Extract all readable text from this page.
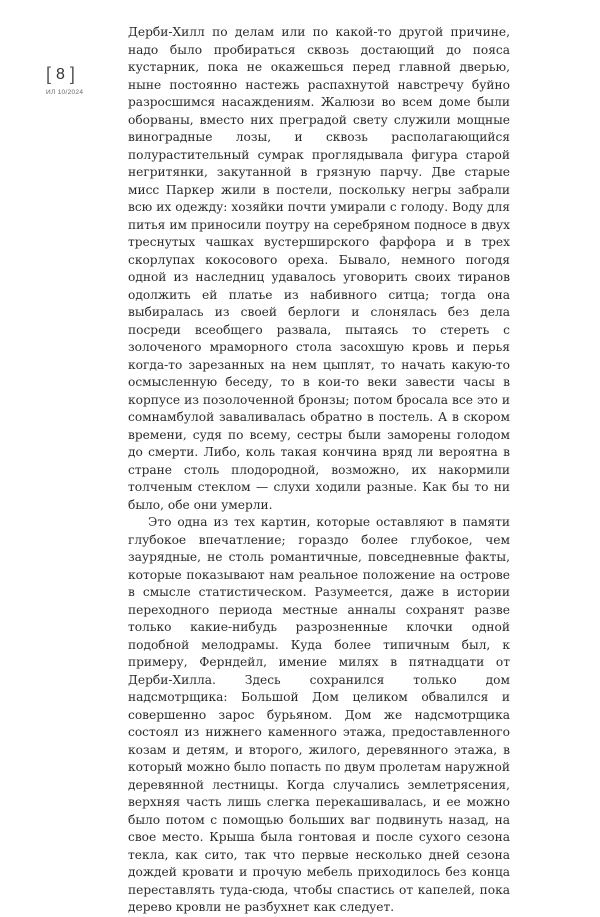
[ 8 ]
ИЛ 10/2024

Дерби-Хилл по делам или по какой-то другой причине, надо было пробираться сквозь достающий до пояса кустарник, пока не окажешься перед главной дверью, ныне постоянно настежь распахнутой навстречу буйно разросшимся насаждениям. Жалюзи во всем доме были оборваны, вместо них преградой свету служили мощные виноградные лозы, и сквозь располагающийся полурастительный сумрак проглядывала фигура старой негритянки, закутанной в грязную парчу. Две старые мисс Паркер жили в постели, поскольку негры забрали всю их одежду: хозяйки почти умирали с голоду. Воду для питья им приносили поутру на серебряном подносе в двух треснутых чашках вустерширского фарфора и в трех скорлупах кокосового ореха. Бывало, немного погодя одной из наследниц удавалось уговорить своих тиранов одолжить ей платье из набивного ситца; тогда она выбиралась из своей берлоги и слонялась без дела посреди всеобщего развала, пытаясь то стереть с золоченого мраморного стола засохшую кровь и перья когда-то зарезанных на нем цыплят, то начать какую-то осмысленную беседу, то в кои-то веки завести часы в корпусе из позолоченной бронзы; потом бросала все это и сомнамбулой заваливалась обратно в постель. А в скором времени, судя по всему, сестры были заморены голодом до смерти. Либо, коль такая кончина вряд ли вероятна в стране столь плодородной, возможно, их накормили толченым стеклом — слухи ходили разные. Как бы то ни было, обе они умерли.

Это одна из тех картин, которые оставляют в памяти глубокое впечатление; гораздо более глубокое, чем заурядные, не столь романтичные, повседневные факты, которые показывают нам реальное положение на острове в смысле статистическом. Разумеется, даже в истории переходного периода местные анналы сохранят разве только какие-нибудь разрозненные клочки одной подобной мелодрамы. Куда более типичным был, к примеру, Ферндейл, имение милях в пятнадцати от Дерби-Хилла. Здесь сохранился только дом надсмотрщика: Большой Дом целиком обвалился и совершенно зарос бурьяном. Дом же надсмотрщика состоял из нижнего каменного этажа, предоставленного козам и детям, и второго, жилого, деревянного этажа, в который можно было попасть по двум пролетам наружной деревянной лестницы. Когда случались землетрясения, верхняя часть лишь слегка перекашивалась, и ее можно было потом с помощью больших ваг подвинуть назад, на свое место. Крыша была гонтовая и после сухого сезона текла, как сито, так что первые несколько дней сезона дождей кровати и прочую мебель приходилось без конца переставлять туда-сюда, чтобы спастись от капелей, пока дерево кровли не разбухнет как следует.
